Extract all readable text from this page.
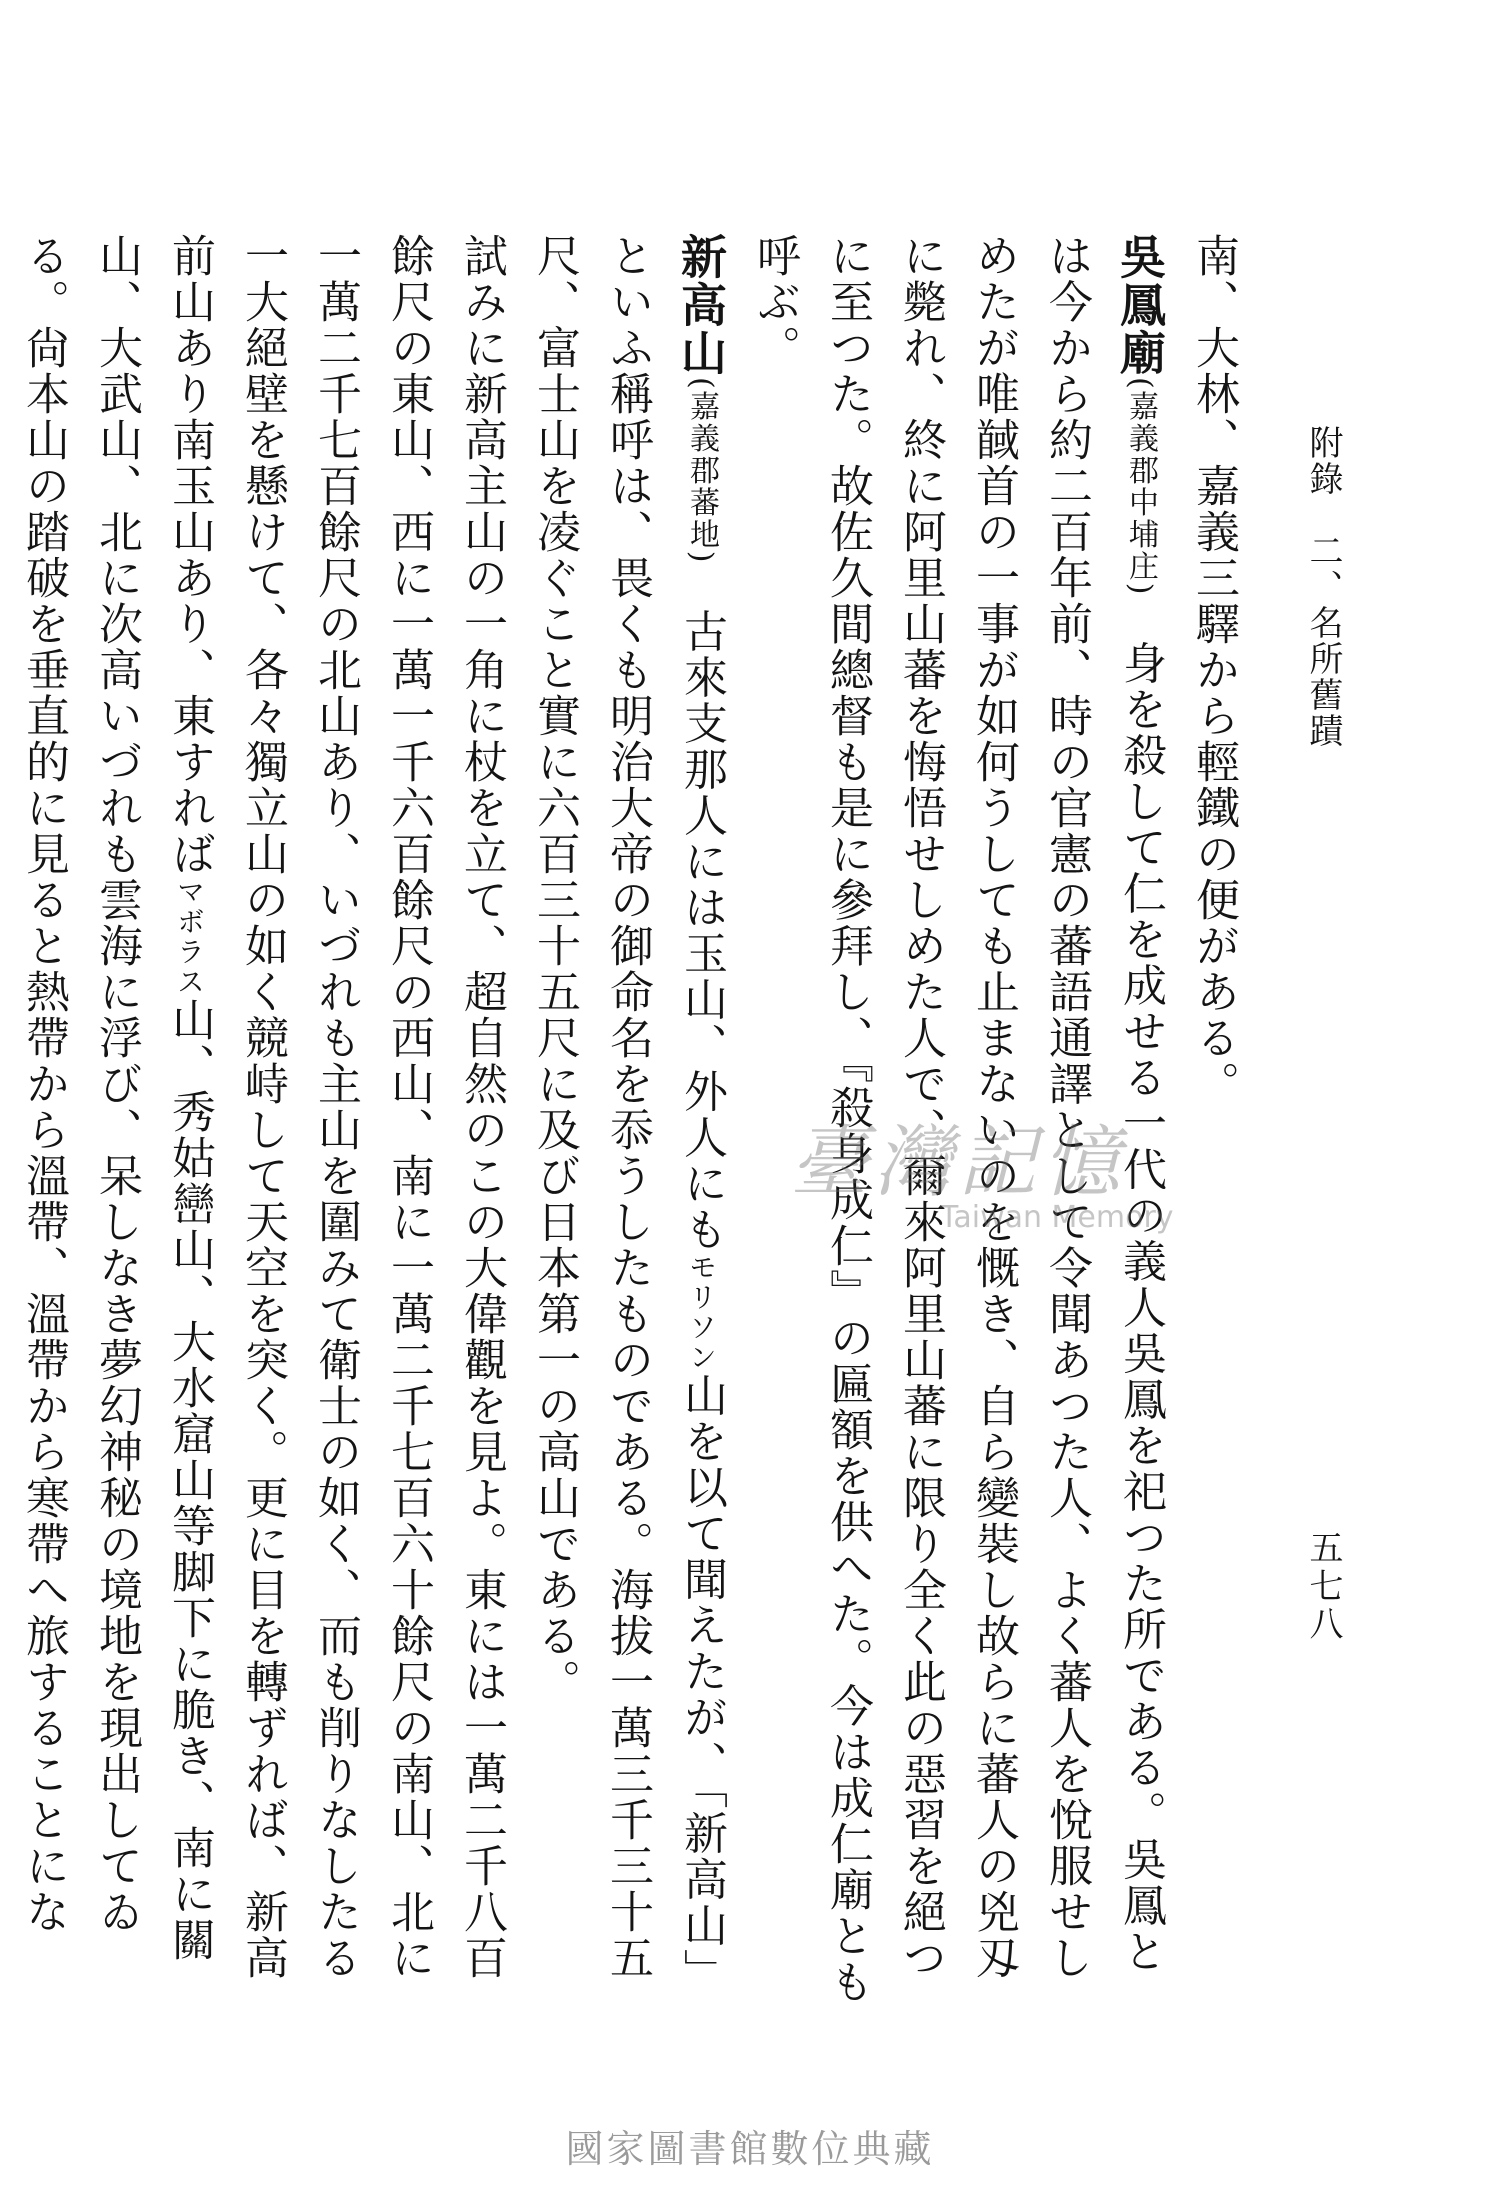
附錄　二、名所舊蹟
五七八

南、大林、嘉義三驛から輕鐵の便がある。

吳鳳廟(嘉義郡中埔庄)身を殺して仁を成せる一代の義人吳鳳を祀つた所である。吳鳳とは今から約二百年前、時の官憲の蕃語通譯として令聞あつた人、よく蕃人を悅服せしめたが唯馘首の一事が如何うしても止まないのを慨き、自ら變裝し故らに蕃人の兇刄に斃れ、終に阿里山蕃を悔悟せしめた人で、爾來阿里山蕃に限り全く此の惡習を絕つに至つた。故佐久間總督も是に參拜し、『殺身成仁』の匾額を供へた。今は成仁廟とも呼ぶ。

新高山(嘉義郡蕃地)古來支那人には玉山、外人にもモリソン山を以て聞えたが、「新高山」といふ稱呼は、畏くも明治大帝の御命名を忝うしたものである。海拔一萬三千三十五尺、富士山を凌ぐこと實に六百三十五尺に及び日本第一の高山である。

試みに新高主山の一角に杖を立て、超自然のこの大偉觀を見よ。東には一萬二千八百餘尺の東山、西に一萬一千六百餘尺の西山、南に一萬二千七百六十餘尺の南山、北に一萬二千七百餘尺の北山あり、いづれも主山を圍みて衛士の如く、而も削りなしたる一大絕壁を懸けて、各々獨立山の如く競峙して天空を突く。更に目を轉ずれば、新高前山あり南玉山あり、東すればマボラス山、秀姑巒山、大水窟山等脚下に脆き、南に關山、大武山、北に次高いづれも雲海に浮び、呆しなき夢幻神秘の境地を現出してゐる。尙本山の踏破を垂直的に見ると熱帶から溫帶、溫帶から寒帶へ旅することにな

臺灣記憶
Taiwan Memory
國家圖書館數位典藏
